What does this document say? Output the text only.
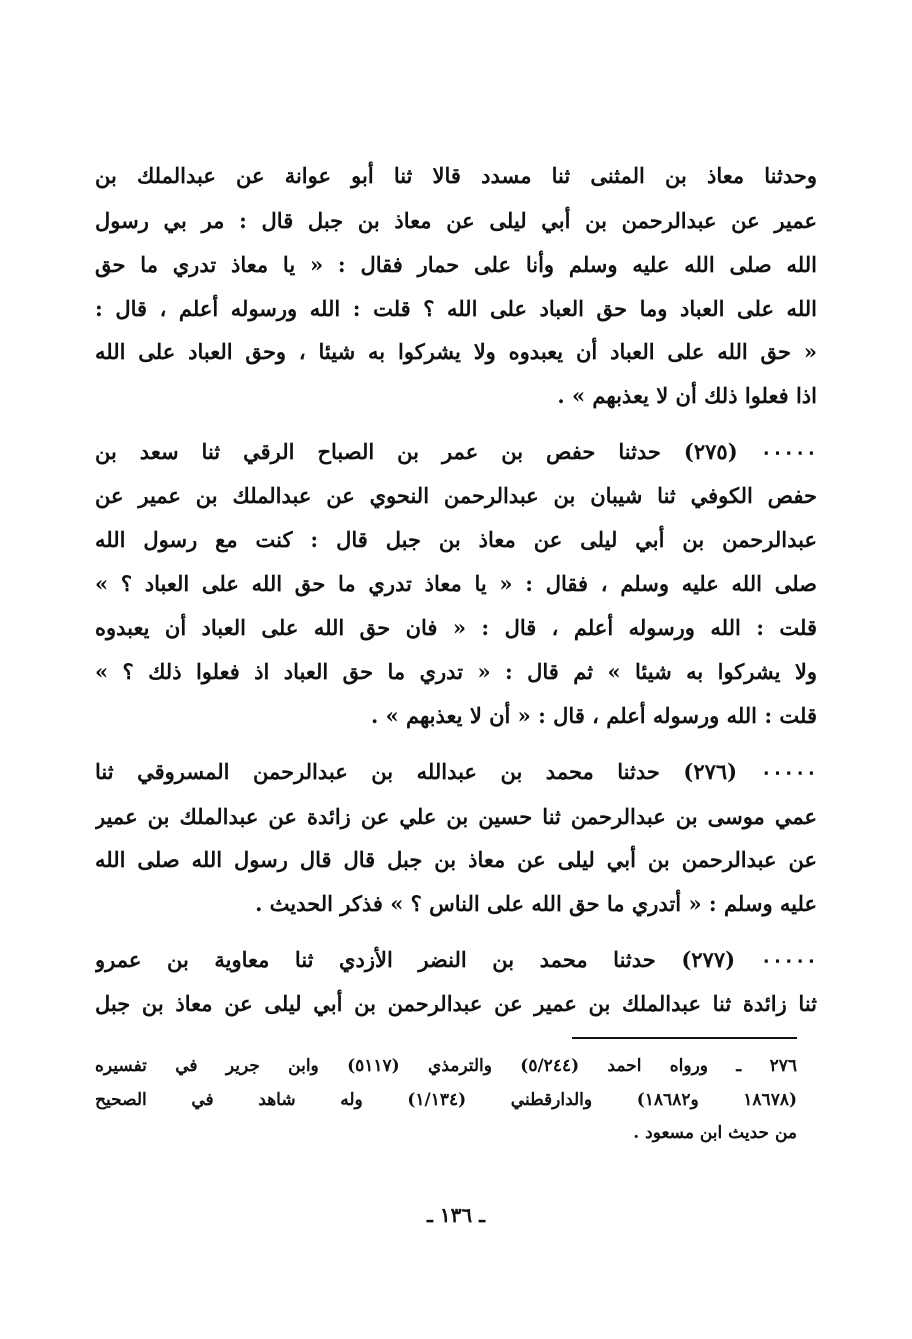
وحدثنا معاذ بن المثنى ثنا مسدد قالا ثنا أبو عوانة عن عبدالملك بن
عمير عن عبدالرحمن بن أبي ليلى عن معاذ بن جبل قال : مر بي رسول
الله صلى الله عليه وسلم وأنا على حمار فقال : « يا معاذ تدري ما حق
الله على العباد وما حق العباد على الله ؟ قلت : الله ورسوله أعلم ، قال :
« حق الله على العباد أن يعبدوه ولا يشركوا به شيئا ، وحق العباد على الله
اذا فعلوا ذلك أن لا يعذبهم » .
٠٠٠٠٠ (٢٧٥) حدثنا حفص بن عمر بن الصباح الرقي ثنا سعد بن
حفص الكوفي ثنا شيبان بن عبدالرحمن النحوي عن عبدالملك بن عمير عن
عبدالرحمن بن أبي ليلى عن معاذ بن جبل قال : كنت مع رسول الله
صلى الله عليه وسلم ، فقال : « يا معاذ تدري ما حق الله على العباد ؟ »
قلت : الله ورسوله أعلم ، قال : « فان حق الله على العباد أن يعبدوه
ولا يشركوا به شيئا » ثم قال : « تدري ما حق العباد اذ فعلوا ذلك ؟ »
قلت : الله ورسوله أعلم ، قال : « أن لا يعذبهم » .
٠٠٠٠٠ (٢٧٦) حدثنا محمد بن عبدالله بن عبدالرحمن المسروقي ثنا
عمي موسى بن عبدالرحمن ثنا حسين بن علي عن زائدة عن عبدالملك بن عمير
عن عبدالرحمن بن أبي ليلى عن معاذ بن جبل قال قال رسول الله صلى الله
عليه وسلم : « أتدري ما حق الله على الناس ؟ » فذكر الحديث .
٠٠٠٠٠ (٢٧٧) حدثنا محمد بن النضر الأزدي ثنا معاوية بن عمرو
ثنا زائدة ثنا عبدالملك بن عمير عن عبدالرحمن بن أبي ليلى عن معاذ بن جبل
٢٧٦ ـ ورواه احمد (٥/٢٤٤) والترمذي (٥١١٧) وابن جرير في تفسيره
(١٨٦٧٨ و١٨٦٨٢) والدارقطني (١/١٣٤) وله شاهد في الصحيح
من حديث ابن مسعود .
ـ ١٣٦ ـ
